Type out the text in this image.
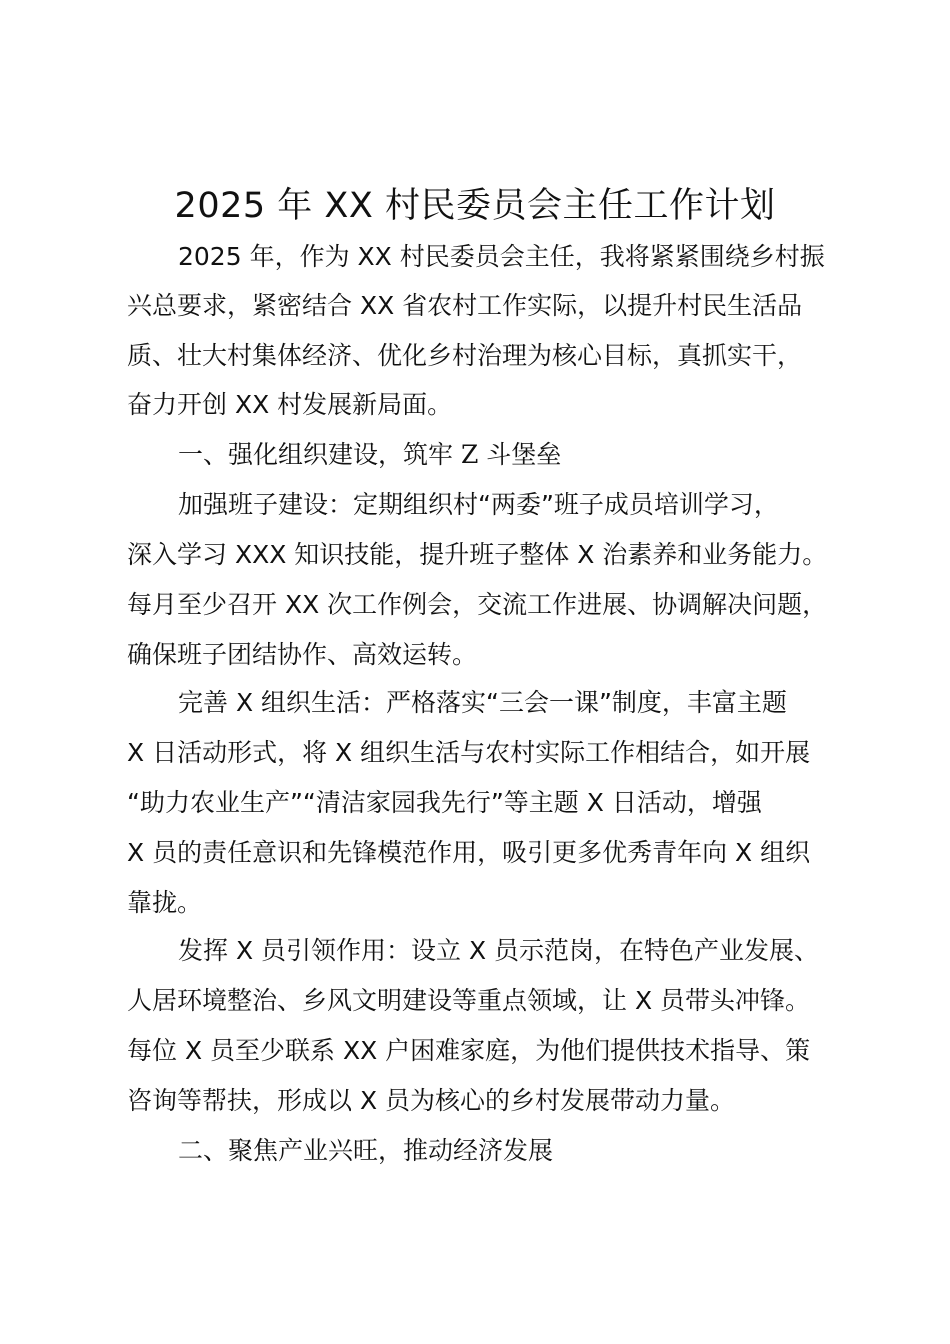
2025 年 XX 村民委员会主任工作计划
2025 年，作为 XX 村民委员会主任，我将紧紧围绕乡村振
兴总要求，紧密结合 XX 省农村工作实际，以提升村民生活品
质、壮大村集体经济、优化乡村治理为核心目标，真抓实干，
奋力开创 XX 村发展新局面。
一、强化组织建设，筑牢 Z 斗堡垒
加强班子建设：定期组织村“两委”班子成员培训学习，
深入学习 XXX 知识技能，提升班子整体 X 治素养和业务能力。
每月至少召开 XX 次工作例会，交流工作进展、协调解决问题，
确保班子团结协作、高效运转。
完善 X 组织生活：严格落实“三会一课”制度，丰富主题
X 日活动形式，将 X 组织生活与农村实际工作相结合，如开展
“助力农业生产”“清洁家园我先行”等主题 X 日活动，增强
X 员的责任意识和先锋模范作用，吸引更多优秀青年向 X 组织
靠拢。
发挥 X 员引领作用：设立 X 员示范岗，在特色产业发展、
人居环境整治、乡风文明建设等重点领域，让 X 员带头冲锋。
每位 X 员至少联系 XX 户困难家庭，为他们提供技术指导、策
咨询等帮扶，形成以 X 员为核心的乡村发展带动力量。
二、聚焦产业兴旺，推动经济发展
